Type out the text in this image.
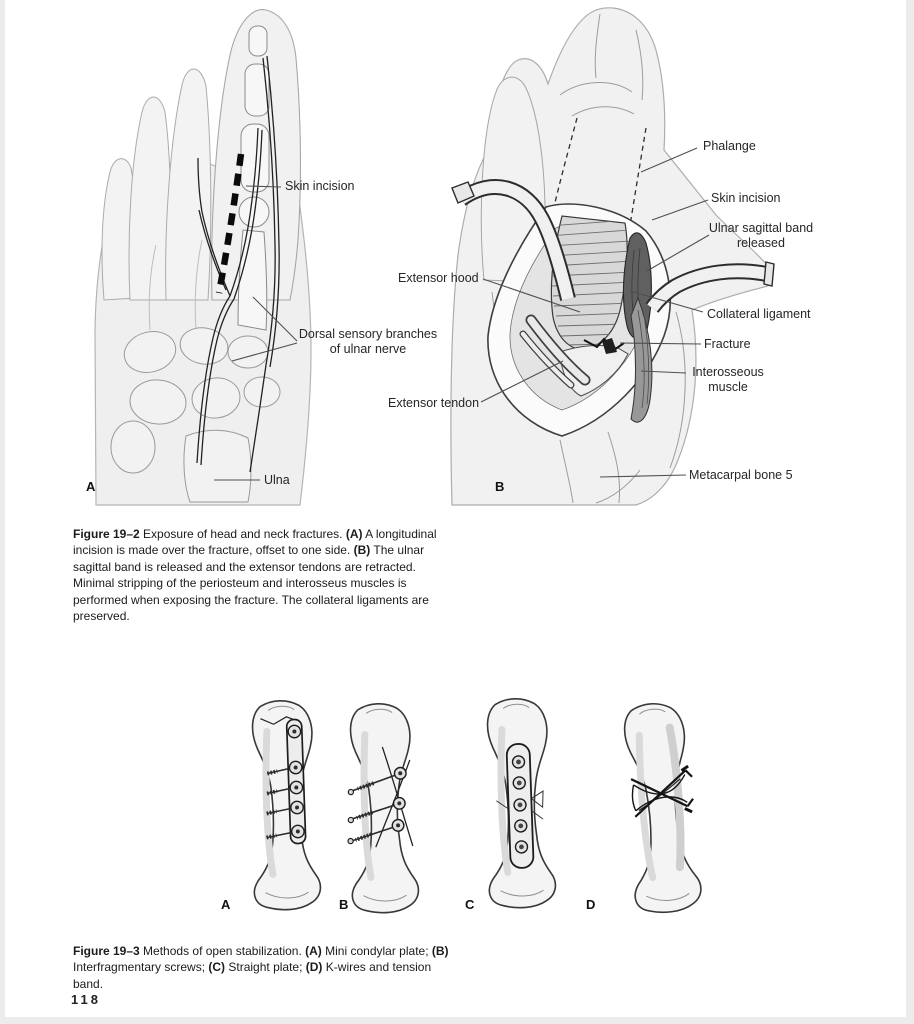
Skin incision
Dorsal sensory branches
of ulnar nerve
Ulna
A
Phalange
Skin incision
Ulnar sagittal band
released
Extensor hood
Collateral ligament
Fracture
Interosseous
muscle
Extensor tendon
Metacarpal bone 5
B

Figure 19–2 Exposure of head and neck fractures. (A) A longitudinal incision is made over the fracture, offset to one side. (B) The ulnar sagittal band is released and the extensor tendons are retracted. Minimal stripping of the periosteum and interosseus muscles is performed when exposing the fracture. The collateral ligaments are preserved.

A	B	C	D

Figure 19–3 Methods of open stabilization. (A) Mini condylar plate; (B) Interfragmentary screws; (C) Straight plate; (D) K-wires and tension band.

118
